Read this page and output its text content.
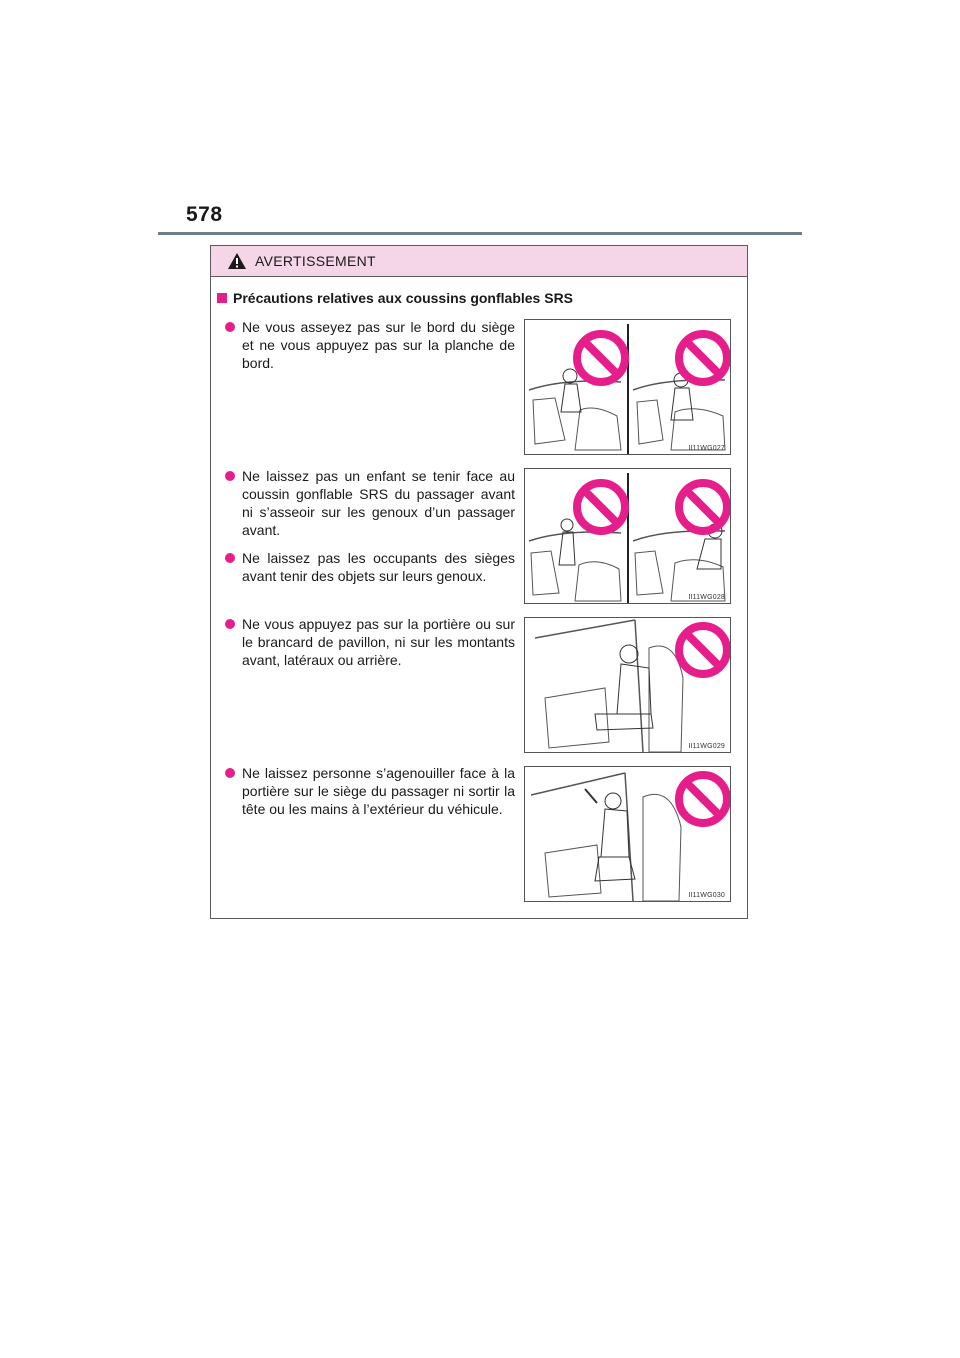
578
AVERTISSEMENT
Précautions relatives aux coussins gonflables SRS
Ne vous asseyez pas sur le bord du siège et ne vous appuyez pas sur la planche de bord.
Ne laissez pas un enfant se tenir face au coussin gonflable SRS du passager avant ni s’asseoir sur les genoux d’un passager avant.
Ne laissez pas les occupants des sièges avant tenir des objets sur leurs genoux.
Ne vous appuyez pas sur la portière ou sur le brancard de pavillon, ni sur les montants avant, latéraux ou arrière.
Ne laissez personne s’agenouiller face à la portière sur le siège du passager ni sortir la tête ou les mains à l’extérieur du véhicule.
II11WG027
II11WG028
II11WG029
II11WG030
